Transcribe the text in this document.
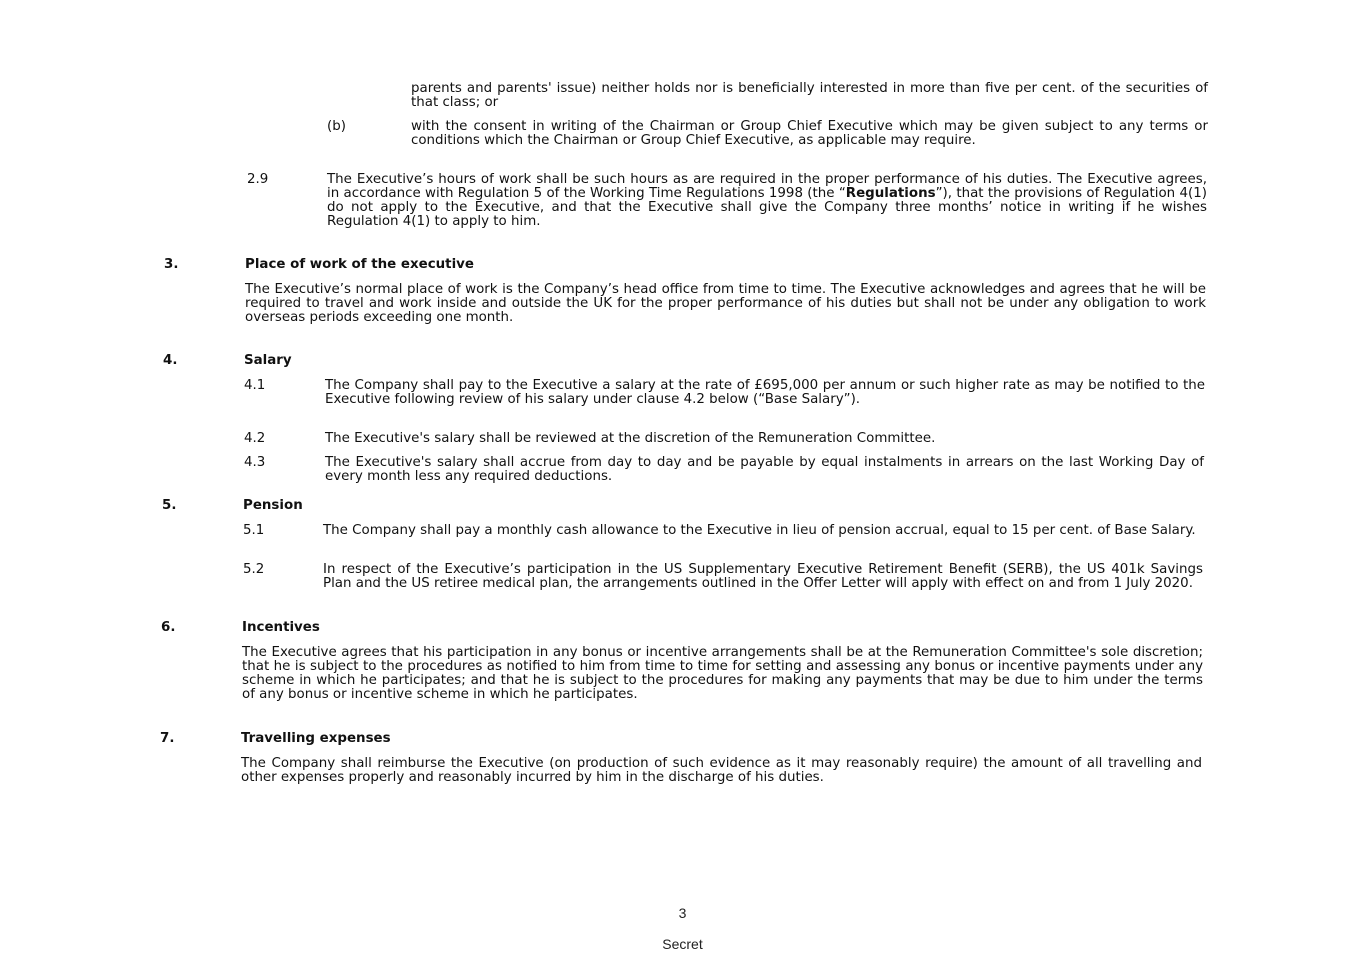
parents and parents' issue) neither holds nor is beneficially interested in more than five per cent. of the securities of that class; or
(b)	with the consent in writing of the Chairman or Group Chief Executive which may be given subject to any terms or conditions which the Chairman or Group Chief Executive, as applicable may require.
2.9	The Executive’s hours of work shall be such hours as are required in the proper performance of his duties. The Executive agrees, in accordance with Regulation 5 of the Working Time Regulations 1998 (the “Regulations”), that the provisions of Regulation 4(1) do not apply to the Executive, and that the Executive shall give the Company three months’ notice in writing if he wishes Regulation 4(1) to apply to him.
3.	Place of work of the executive
The Executive’s normal place of work is the Company’s head office from time to time. The Executive acknowledges and agrees that he will be required to travel and work inside and outside the UK for the proper performance of his duties but shall not be under any obligation to work overseas periods exceeding one month.
4.	Salary
4.1	The Company shall pay to the Executive a salary at the rate of £695,000 per annum or such higher rate as may be notified to the Executive following review of his salary under clause 4.2 below (“Base Salary”).
4.2	The Executive's salary shall be reviewed at the discretion of the Remuneration Committee.
4.3	The Executive's salary shall accrue from day to day and be payable by equal instalments in arrears on the last Working Day of every month less any required deductions.
5.	Pension
5.1	The Company shall pay a monthly cash allowance to the Executive in lieu of pension accrual, equal to 15 per cent. of Base Salary.
5.2	In respect of the Executive’s participation in the US Supplementary Executive Retirement Benefit (SERB), the US 401k Savings Plan and the US retiree medical plan, the arrangements outlined in the Offer Letter will apply with effect on and from 1 July 2020.
6.	Incentives
The Executive agrees that his participation in any bonus or incentive arrangements shall be at the Remuneration Committee's sole discretion; that he is subject to the procedures as notified to him from time to time for setting and assessing any bonus or incentive payments under any scheme in which he participates; and that he is subject to the procedures for making any payments that may be due to him under the terms of any bonus or incentive scheme in which he participates.
7.	Travelling expenses
The Company shall reimburse the Executive (on production of such evidence as it may reasonably require) the amount of all travelling and other expenses properly and reasonably incurred by him in the discharge of his duties.
3
Secret
